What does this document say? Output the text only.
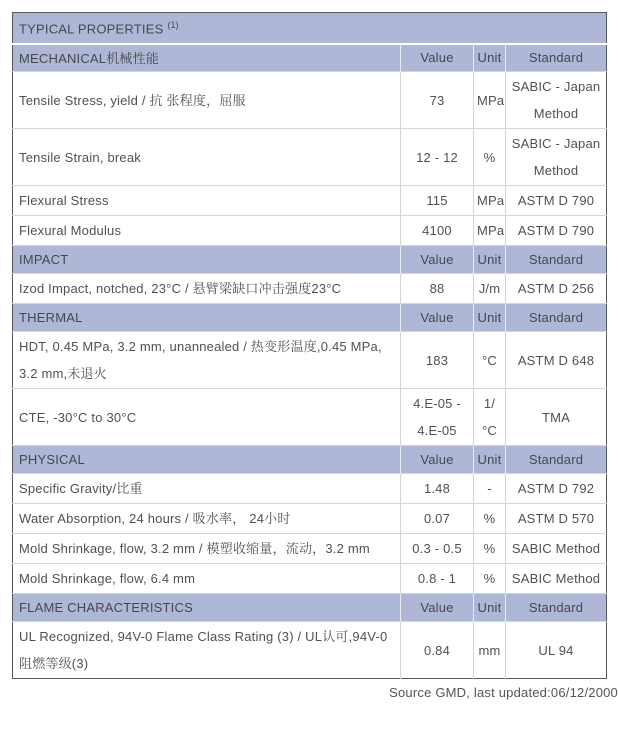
TYPICAL PROPERTIES $^{(1)}$
MECHANICAL机械性能	Value	Unit	Standard
Tensile Stress, yield / 抗 张程度，屈服	73	MPa	SABIC - Japan Method
Tensile Strain, break	12 - 12	%	SABIC - Japan Method
Flexural Stress	115	MPa	ASTM D 790
Flexural Modulus	4100	MPa	ASTM D 790
IMPACT	Value	Unit	Standard
Izod Impact, notched, 23°C / 悬臂梁缺口冲击强度23°C	88	J/m	ASTM D 256
THERMAL	Value	Unit	Standard
HDT, 0.45 MPa, 3.2 mm, unannealed / 热变形温度,0.45 MPa, 3.2 mm,未退火	183	°C	ASTM D 648
CTE, -30°C to 30°C	4.E-05 - 4.E-05	1/°C	TMA
PHYSICAL	Value	Unit	Standard
Specific Gravity/比重	1.48	-	ASTM D 792
Water Absorption, 24 hours / 吸水率， 24小时	0.07	%	ASTM D 570
Mold Shrinkage, flow, 3.2 mm / 模塑收缩量，流动，3.2 mm	0.3 - 0.5	%	SABIC Method
Mold Shrinkage, flow, 6.4 mm	0.8 - 1	%	SABIC Method
FLAME CHARACTERISTICS	Value	Unit	Standard
UL Recognized, 94V-0 Flame Class Rating (3) / UL认可,94V-0 阻燃等级(3)	0.84	mm	UL 94
Source GMD, last updated:06/12/2000
